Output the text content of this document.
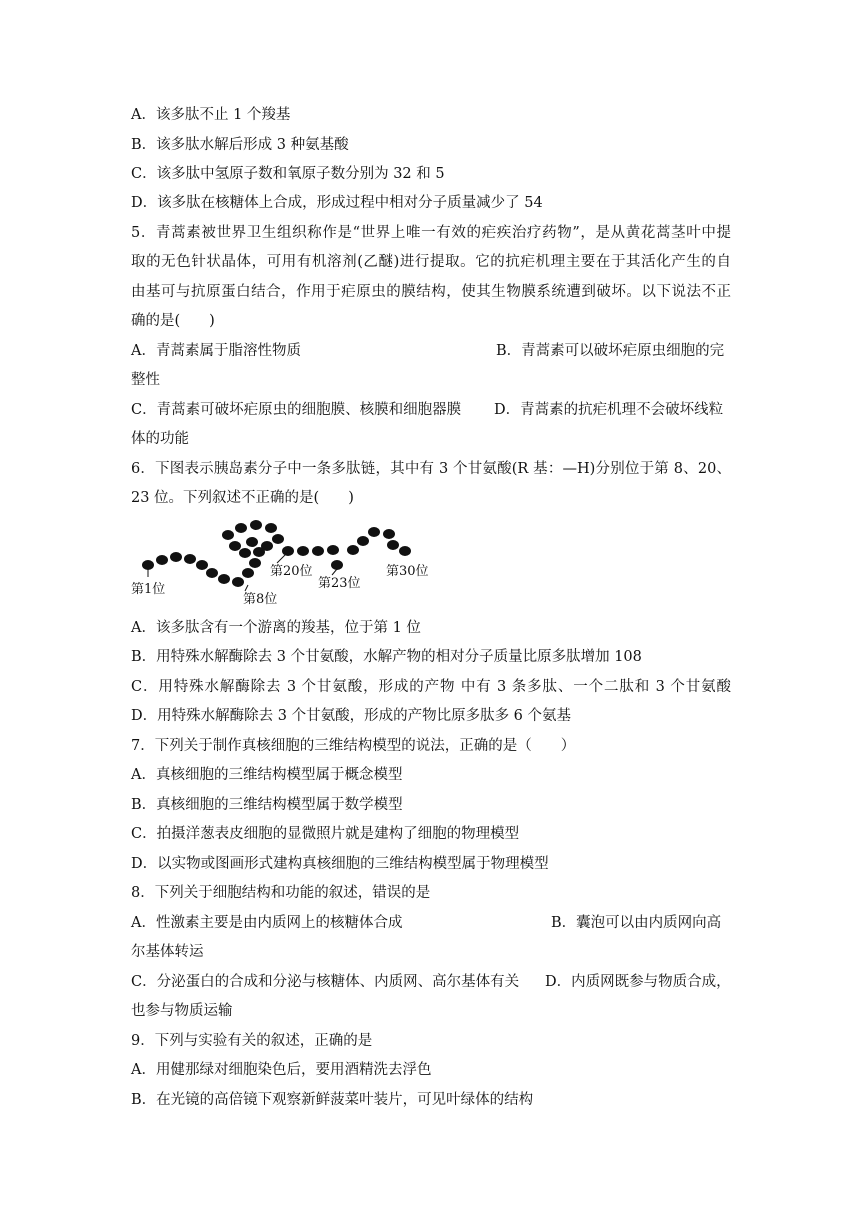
A．该多肽不止 1 个羧基
B．该多肽水解后形成 3 种氨基酸
C．该多肽中氢原子数和氧原子数分别为 32 和 5
D．该多肽在核糖体上合成，形成过程中相对分子质量减少了 54
5．青蒿素被世界卫生组织称作是“世界上唯一有效的疟疾治疗药物”，是从黄花蒿茎叶中提
取的无色针状晶体，可用有机溶剂(乙醚)进行提取。它的抗疟机理主要在于其活化产生的自
由基可与抗原蛋白结合，作用于疟原虫的膜结构，使其生物膜系统遭到破坏。以下说法不正
确的是(　　)
A．青蒿素属于脂溶性物质	B．青蒿素可以破坏疟原虫细胞的完
整性
C．青蒿素可破坏疟原虫的细胞膜、核膜和细胞器膜 D．青蒿素的抗疟机理不会破坏线粒
体的功能
6．下图表示胰岛素分子中一条多肽链，其中有 3 个甘氨酸(R 基：—H)分别位于第 8、20、
23 位。下列叙述不正确的是(　　)
第1位
第8位
第20位
第23位
第30位
A．该多肽含有一个游离的羧基，位于第 1 位
B．用特殊水解酶除去 3 个甘氨酸，水解产物的相对分子质量比原多肽增加 108
C．用特殊水解酶除去 3 个甘氨酸，形成的产物 中有 3 条多肽、一个二肽和 3 个甘氨酸
D．用特殊水解酶除去 3 个甘氨酸，形成的产物比原多肽多 6 个氨基
7．下列关于制作真核细胞的三维结构模型的说法，正确的是（　　）
A．真核细胞的三维结构模型属于概念模型
B．真核细胞的三维结构模型属于数学模型
C．拍摄洋葱表皮细胞的显微照片就是建构了细胞的物理模型
D．以实物或图画形式建构真核细胞的三维结构模型属于物理模型
8．下列关于细胞结构和功能的叙述，错误的是
A．性激素主要是由内质网上的核糖体合成	B．囊泡可以由内质网向高
尔基体转运
C．分泌蛋白的合成和分泌与核糖体、内质网、高尔基体有关 D．内质网既参与物质合成，
也参与物质运输
9．下列与实验有关的叙述，正确的是
A．用健那绿对细胞染色后，要用酒精洗去浮色
B．在光镜的高倍镜下观察新鲜菠菜叶装片，可见叶绿体的结构
